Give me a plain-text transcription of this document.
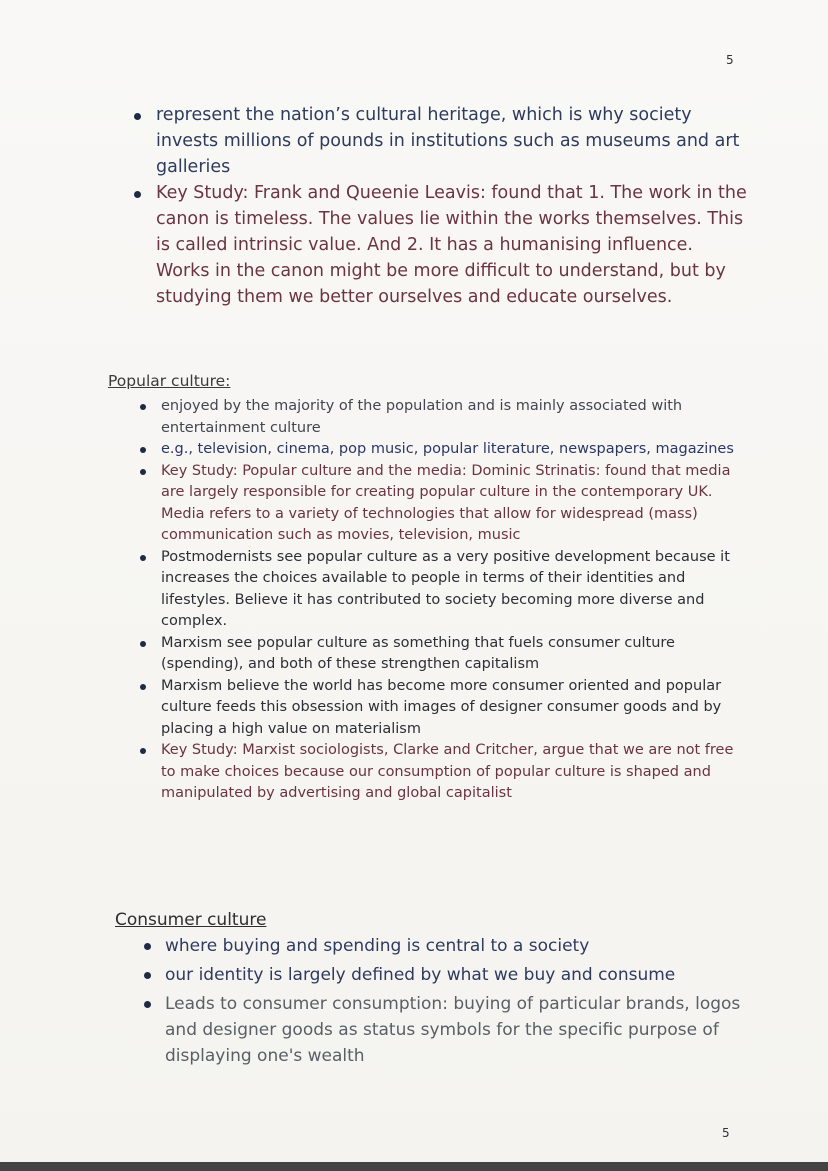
5
represent the nation’s cultural heritage, which is why society invests millions of pounds in institutions such as museums and art galleries
Key Study: Frank and Queenie Leavis: found that 1. The work in the canon is timeless. The values lie within the works themselves. This is called intrinsic value. And 2. It has a humanising influence. Works in the canon might be more difficult to understand, but by studying them we better ourselves and educate ourselves.
Popular culture:
enjoyed by the majority of the population and is mainly associated with entertainment culture
e.g., television, cinema, pop music, popular literature, newspapers, magazines
Key Study: Popular culture and the media: Dominic Strinatis: found that media are largely responsible for creating popular culture in the contemporary UK. Media refers to a variety of technologies that allow for widespread (mass) communication such as movies, television, music
Postmodernists see popular culture as a very positive development because it increases the choices available to people in terms of their identities and lifestyles. Believe it has contributed to society becoming more diverse and complex.
Marxism see popular culture as something that fuels consumer culture (spending), and both of these strengthen capitalism
Marxism believe the world has become more consumer oriented and popular culture feeds this obsession with images of designer consumer goods and by placing a high value on materialism
Key Study: Marxist sociologists, Clarke and Critcher, argue that we are not free to make choices because our consumption of popular culture is shaped and manipulated by advertising and global capitalist
Consumer culture
where buying and spending is central to a society
our identity is largely defined by what we buy and consume
Leads to consumer consumption: buying of particular brands, logos and designer goods as status symbols for the specific purpose of displaying one's wealth
5
